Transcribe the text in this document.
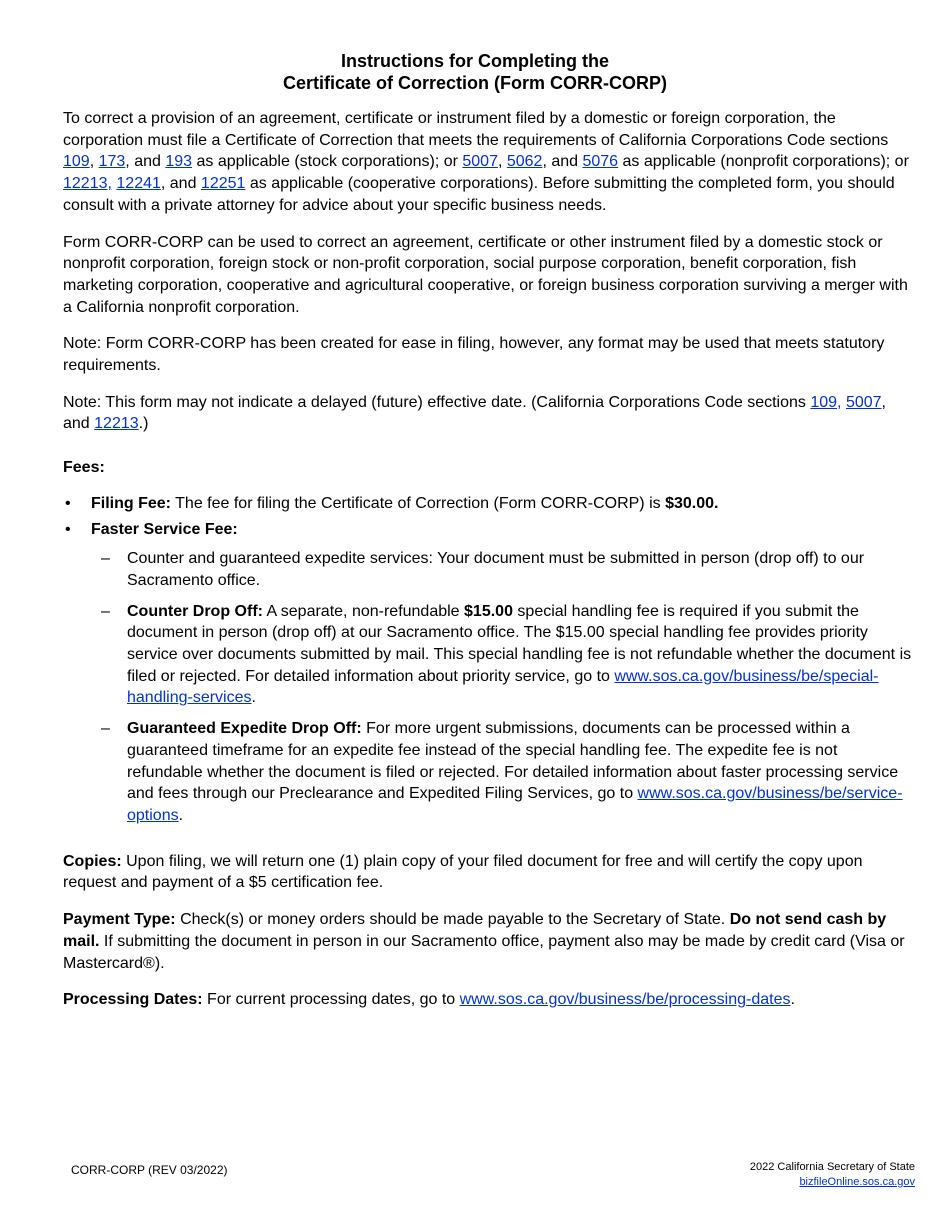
Instructions for Completing the
Certificate of Correction (Form CORR-CORP)

To correct a provision of an agreement, certificate or instrument filed by a domestic or foreign corporation, the corporation must file a Certificate of Correction that meets the requirements of California Corporations Code sections 109, 173, and 193 as applicable (stock corporations); or 5007, 5062, and 5076 as applicable (nonprofit corporations); or 12213, 12241, and 12251 as applicable (cooperative corporations). Before submitting the completed form, you should consult with a private attorney for advice about your specific business needs.

Form CORR-CORP can be used to correct an agreement, certificate or other instrument filed by a domestic stock or nonprofit corporation, foreign stock or non-profit corporation, social purpose corporation, benefit corporation, fish marketing corporation, cooperative and agricultural cooperative, or foreign business corporation surviving a merger with a California nonprofit corporation.

Note: Form CORR-CORP has been created for ease in filing, however, any format may be used that meets statutory requirements.

Note: This form may not indicate a delayed (future) effective date. (California Corporations Code sections 109, 5007, and 12213.)

Fees:
• Filing Fee: The fee for filing the Certificate of Correction (Form CORR-CORP) is $30.00.
• Faster Service Fee:
– Counter and guaranteed expedite services: Your document must be submitted in person (drop off) to our Sacramento office.
– Counter Drop Off: A separate, non-refundable $15.00 special handling fee is required if you submit the document in person (drop off) at our Sacramento office. The $15.00 special handling fee provides priority service over documents submitted by mail. This special handling fee is not refundable whether the document is filed or rejected. For detailed information about priority service, go to www.sos.ca.gov/business/be/special-handling-services.
– Guaranteed Expedite Drop Off: For more urgent submissions, documents can be processed within a guaranteed timeframe for an expedite fee instead of the special handling fee. The expedite fee is not refundable whether the document is filed or rejected. For detailed information about faster processing service and fees through our Preclearance and Expedited Filing Services, go to www.sos.ca.gov/business/be/service-options.

Copies: Upon filing, we will return one (1) plain copy of your filed document for free and will certify the copy upon request and payment of a $5 certification fee.

Payment Type: Check(s) or money orders should be made payable to the Secretary of State. Do not send cash by mail. If submitting the document in person in our Sacramento office, payment also may be made by credit card (Visa or Mastercard®).

Processing Dates: For current processing dates, go to www.sos.ca.gov/business/be/processing-dates.

CORR-CORP (REV 03/2022)	2022 California Secretary of State
bizfileOnline.sos.ca.gov
